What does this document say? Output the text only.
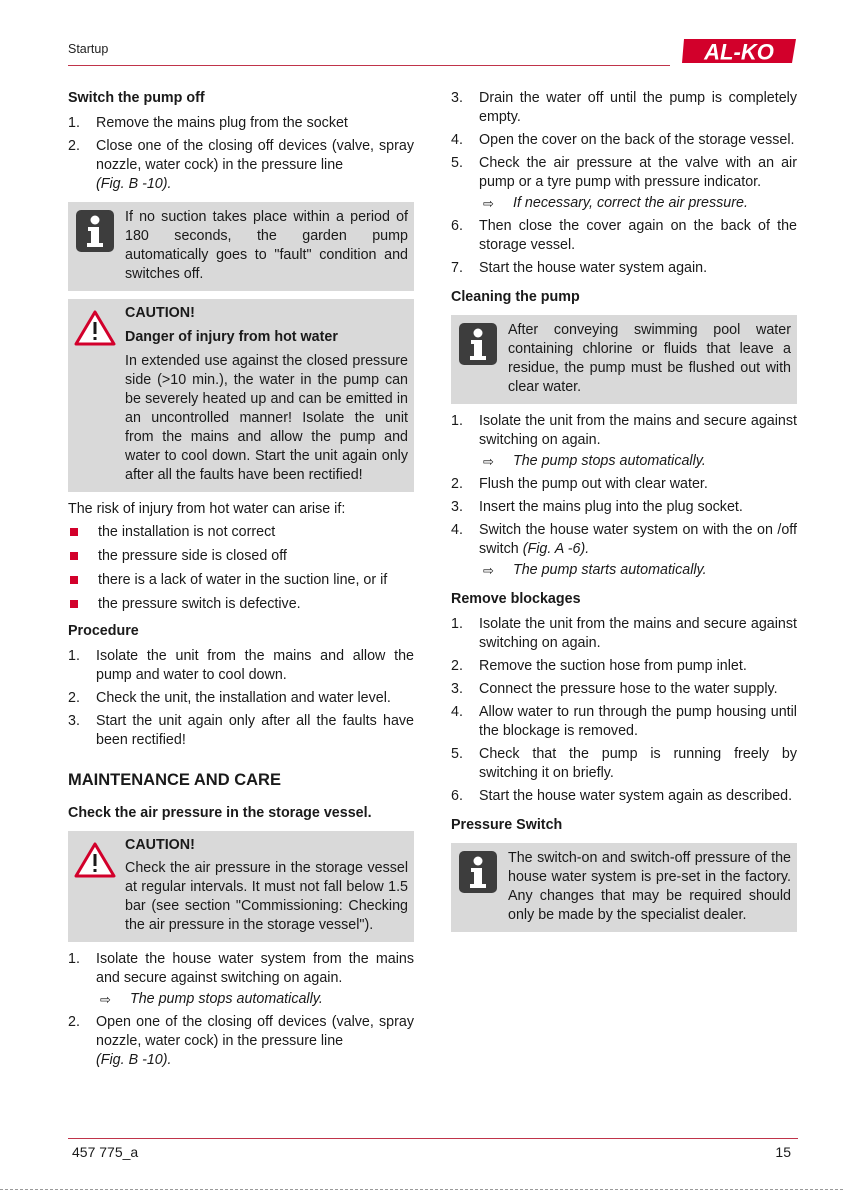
Startup	AL-KO
Switch the pump off
1. Remove the mains plug from the socket
2. Close one of the closing off devices (valve, spray nozzle, water cock) in the pressure line
(Fig. B -10).
If no suction takes place within a period of 180 seconds, the garden pump automatically goes to "fault" condition and switches off.
CAUTION!
Danger of injury from hot water
In extended use against the closed pressure side (>10 min.), the water in the pump can be severely heated up and can be emitted in an uncontrolled manner! Isolate the unit from the mains and allow the pump and water to cool down. Start the unit again only after all the faults have been rectified!

The risk of injury from hot water can arise if:

the installation is not correct
the pressure side is closed off
there is a lack of water in the suction line, or if
the pressure switch is defective.
Procedure
1. Isolate the unit from the mains and allow the pump and water to cool down.
2. Check the unit, the installation and water level.
3. Start the unit again only after all the faults have been rectified!
MAINTENANCE AND CARE
Check the air pressure in the storage vessel.
CAUTION!
Check the air pressure in the storage vessel at regular intervals. It must not fall below 1.5 bar (see section "Commissioning: Checking the air pressure in the storage vessel").
1. Isolate the house water system from the mains and secure against switching on again.
⇨ The pump stops automatically.
2. Open one of the closing off devices (valve, spray nozzle, water cock) in the pressure line
(Fig. B -10).
3. Drain the water off until the pump is completely empty.
4. Open the cover on the back of the storage vessel.
5. Check the air pressure at the valve with an air pump or a tyre pump with pressure indicator.
⇨ If necessary, correct the air pressure.
6. Then close the cover again on the back of the storage vessel.
7. Start the house water system again.
Cleaning the pump
After conveying swimming pool water containing chlorine or fluids that leave a residue, the pump must be flushed out with clear water.
1. Isolate the unit from the mains and secure against switching on again.
⇨ The pump stops automatically.
2. Flush the pump out with clear water.
3. Insert the mains plug into the plug socket.
4. Switch the house water system on with the on /off switch (Fig. A -6).
⇨ The pump starts automatically.
Remove blockages
1. Isolate the unit from the mains and secure against switching on again.
2. Remove the suction hose from pump inlet.
3. Connect the pressure hose to the water supply.
4. Allow water to run through the pump housing until the blockage is removed.
5. Check that the pump is running freely by switching it on briefly.
6. Start the house water system again as described.
Pressure Switch
The switch-on and switch-off pressure of the house water system is pre-set in the factory. Any changes that may be required should only be made by the specialist dealer.
457 775_a	15
